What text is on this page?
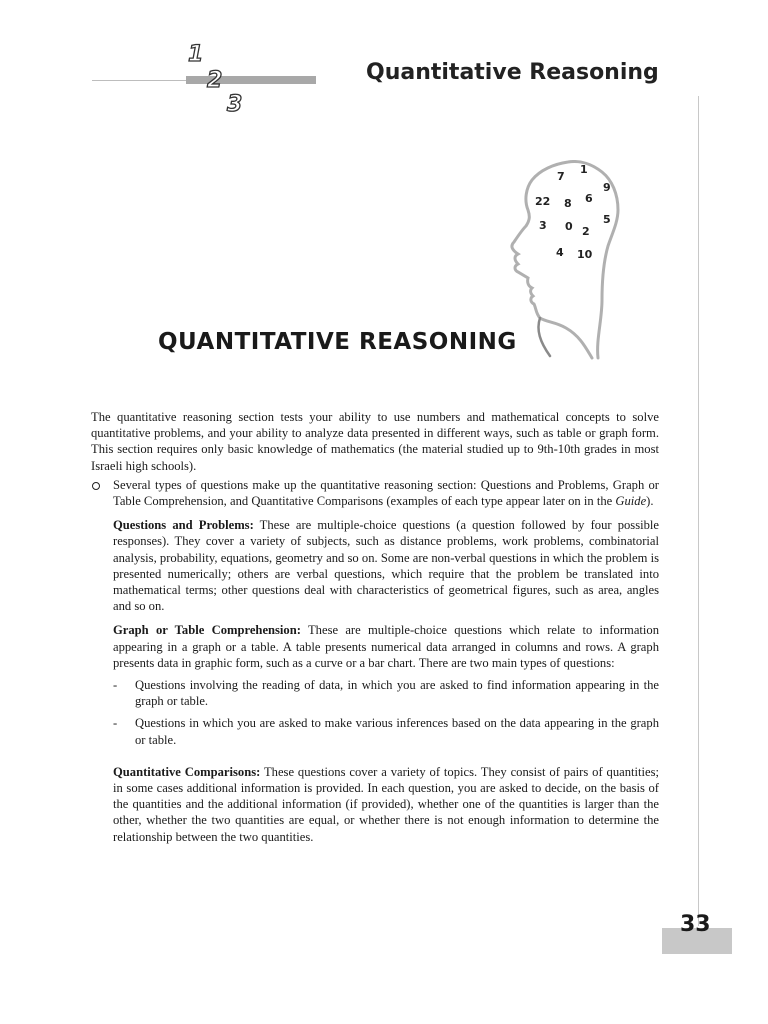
1
2
3
Quantitative Reasoning
7
1
9
22 8 6
5
3 0 2
4 10
QUANTITATIVE REASONING

The quantitative reasoning section tests your ability to use numbers and mathematical concepts to solve quantitative problems, and your ability to analyze data presented in different ways, such as table or graph form. This section requires only basic knowledge of mathematics (the material studied up to 9th-10th grades in most Israeli high schools).

Several types of questions make up the quantitative reasoning section: Questions and Problems, Graph or Table Comprehension, and Quantitative Comparisons (examples of each type appear later on in the Guide).
Questions and Problems: These are multiple-choice questions (a question followed by four possible responses). They cover a variety of subjects, such as distance problems, work problems, combinatorial analysis, probability, equations, geometry and so on. Some are non-verbal questions in which the problem is presented numerically; others are verbal questions, which require that the problem be translated into mathematical terms; other questions deal with characteristics of geometrical figures, such as area, angles and so on.
Graph or Table Comprehension: These are multiple-choice questions which relate to information appearing in a graph or a table. A table presents numerical data arranged in columns and rows. A graph presents data in graphic form, such as a curve or a bar chart. There are two main types of questions:
- Questions involving the reading of data, in which you are asked to find information appearing in the graph or table.
- Questions in which you are asked to make various inferences based on the data appearing in the graph or table.
Quantitative Comparisons: These questions cover a variety of topics. They consist of pairs of quantities; in some cases additional information is provided. In each question, you are asked to decide, on the basis of the quantities and the additional information (if provided), whether one of the quantities is larger than the other, whether the two quantities are equal, or whether there is not enough information to determine the relationship between the two quantities.
33
